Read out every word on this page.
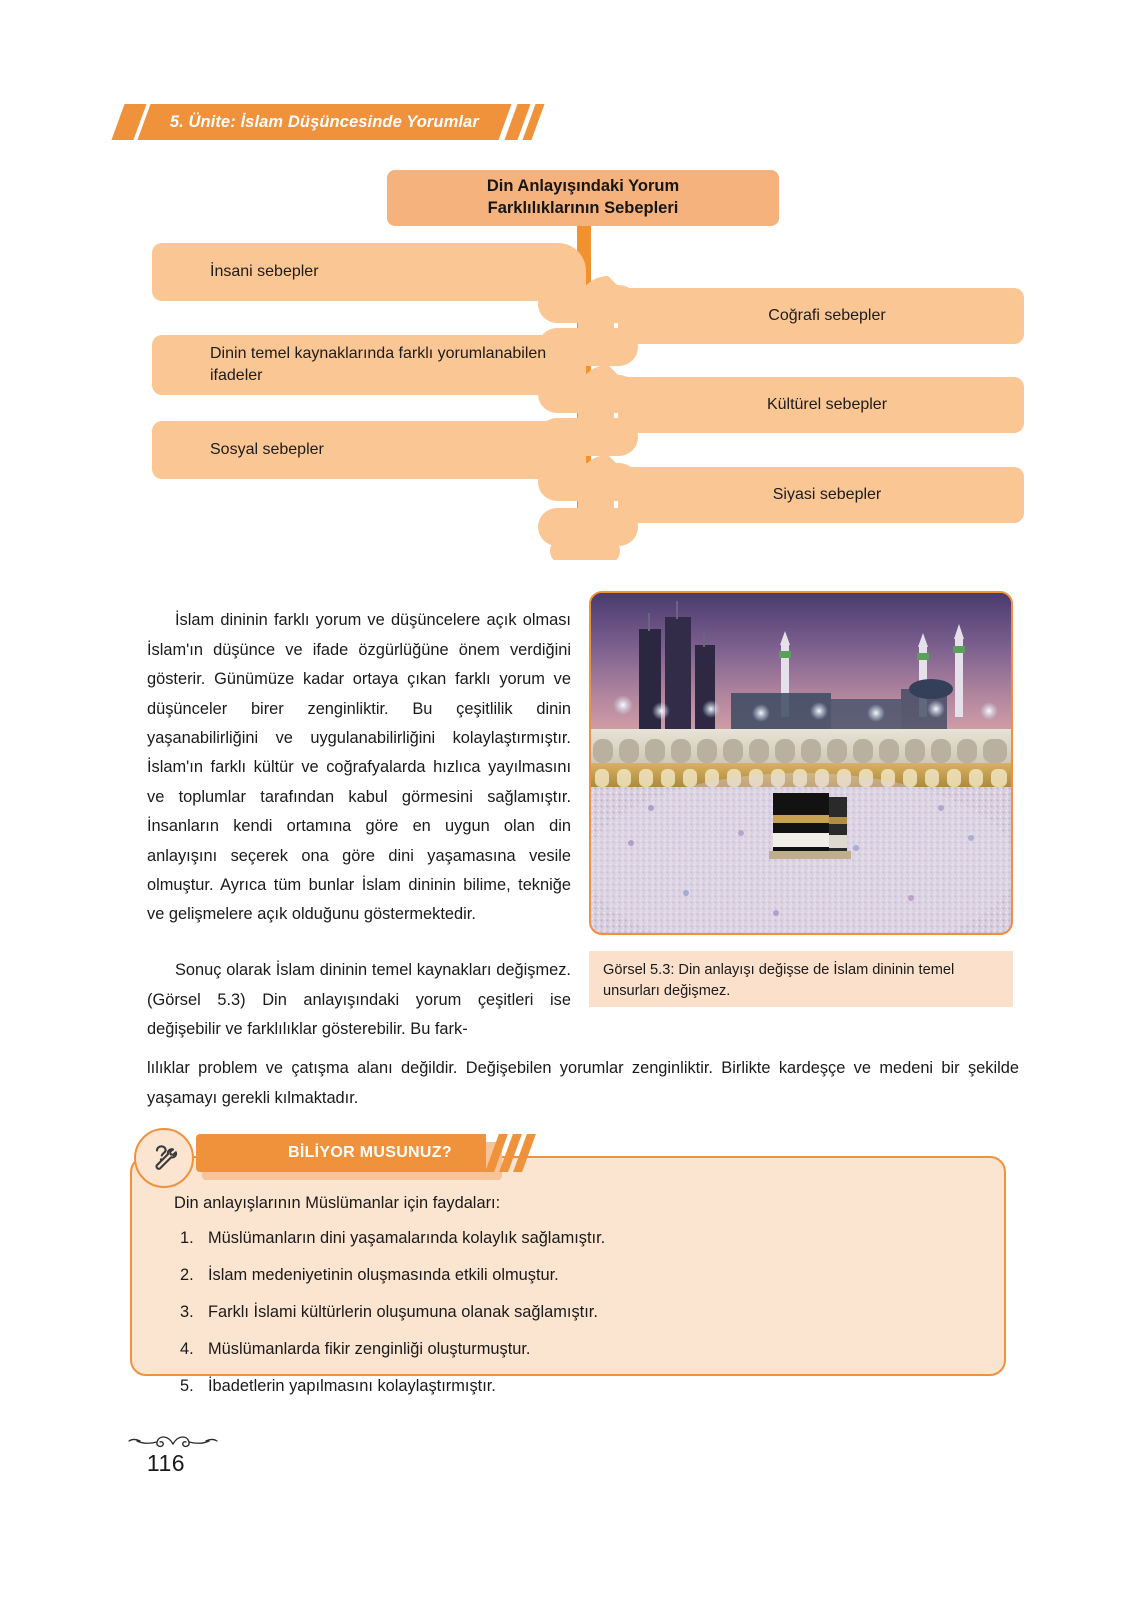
5. Ünite: İslam Düşüncesinde Yorumlar
Din Anlayışındaki Yorum
Farklılıklarının Sebepleri
İnsani sebepler
Dinin temel kaynaklarında farklı yorumlanabilen ifadeler
Sosyal sebepler
Coğrafi sebepler
Kültürel sebepler
Siyasi sebepler

İslam dininin farklı yorum ve düşüncelere açık olması İslam'ın düşünce ve ifade özgürlüğüne önem verdiğini gösterir. Günümüze kadar ortaya çıkan farklı yorum ve düşünceler birer zenginliktir. Bu çeşitlilik dinin yaşanabilirliğini ve uygulanabilirliğini kolaylaştırmıştır. İslam'ın farklı kültür ve coğrafyalarda hızlıca yayılmasını ve toplumlar tarafından kabul görmesini sağlamıştır. İnsanların kendi ortamına göre en uygun olan din anlayışını seçerek ona göre dini yaşamasına vesile olmuştur. Ayrıca tüm bunlar İslam dininin bilime, tekniğe ve gelişmelere açık olduğunu göstermektedir.

Sonuç olarak İslam dininin temel kaynakları değişmez. (Görsel 5.3) Din anlayışındaki yorum çeşitleri ise değişebilir ve farklılıklar gösterebilir. Bu fark-

lılıklar problem ve çatışma alanı değildir. Değişebilen yorumlar zenginliktir. Birlikte kardeşçe ve medeni bir şekilde yaşamayı gerekli kılmaktadır.

Görsel 5.3: Din anlayışı değişse de İslam dininin temel unsurları değişmez.
BİLİYOR MUSUNUZ?
Din anlayışlarının Müslümanlar için faydaları:
1. Müslümanların dini yaşamalarında kolaylık sağlamıştır.
2. İslam medeniyetinin oluşmasında etkili olmuştur.
3. Farklı İslami kültürlerin oluşumuna olanak sağlamıştır.
4. Müslümanlarda fikir zenginliği oluşturmuştur.
5. İbadetlerin yapılmasını kolaylaştırmıştır.
116
